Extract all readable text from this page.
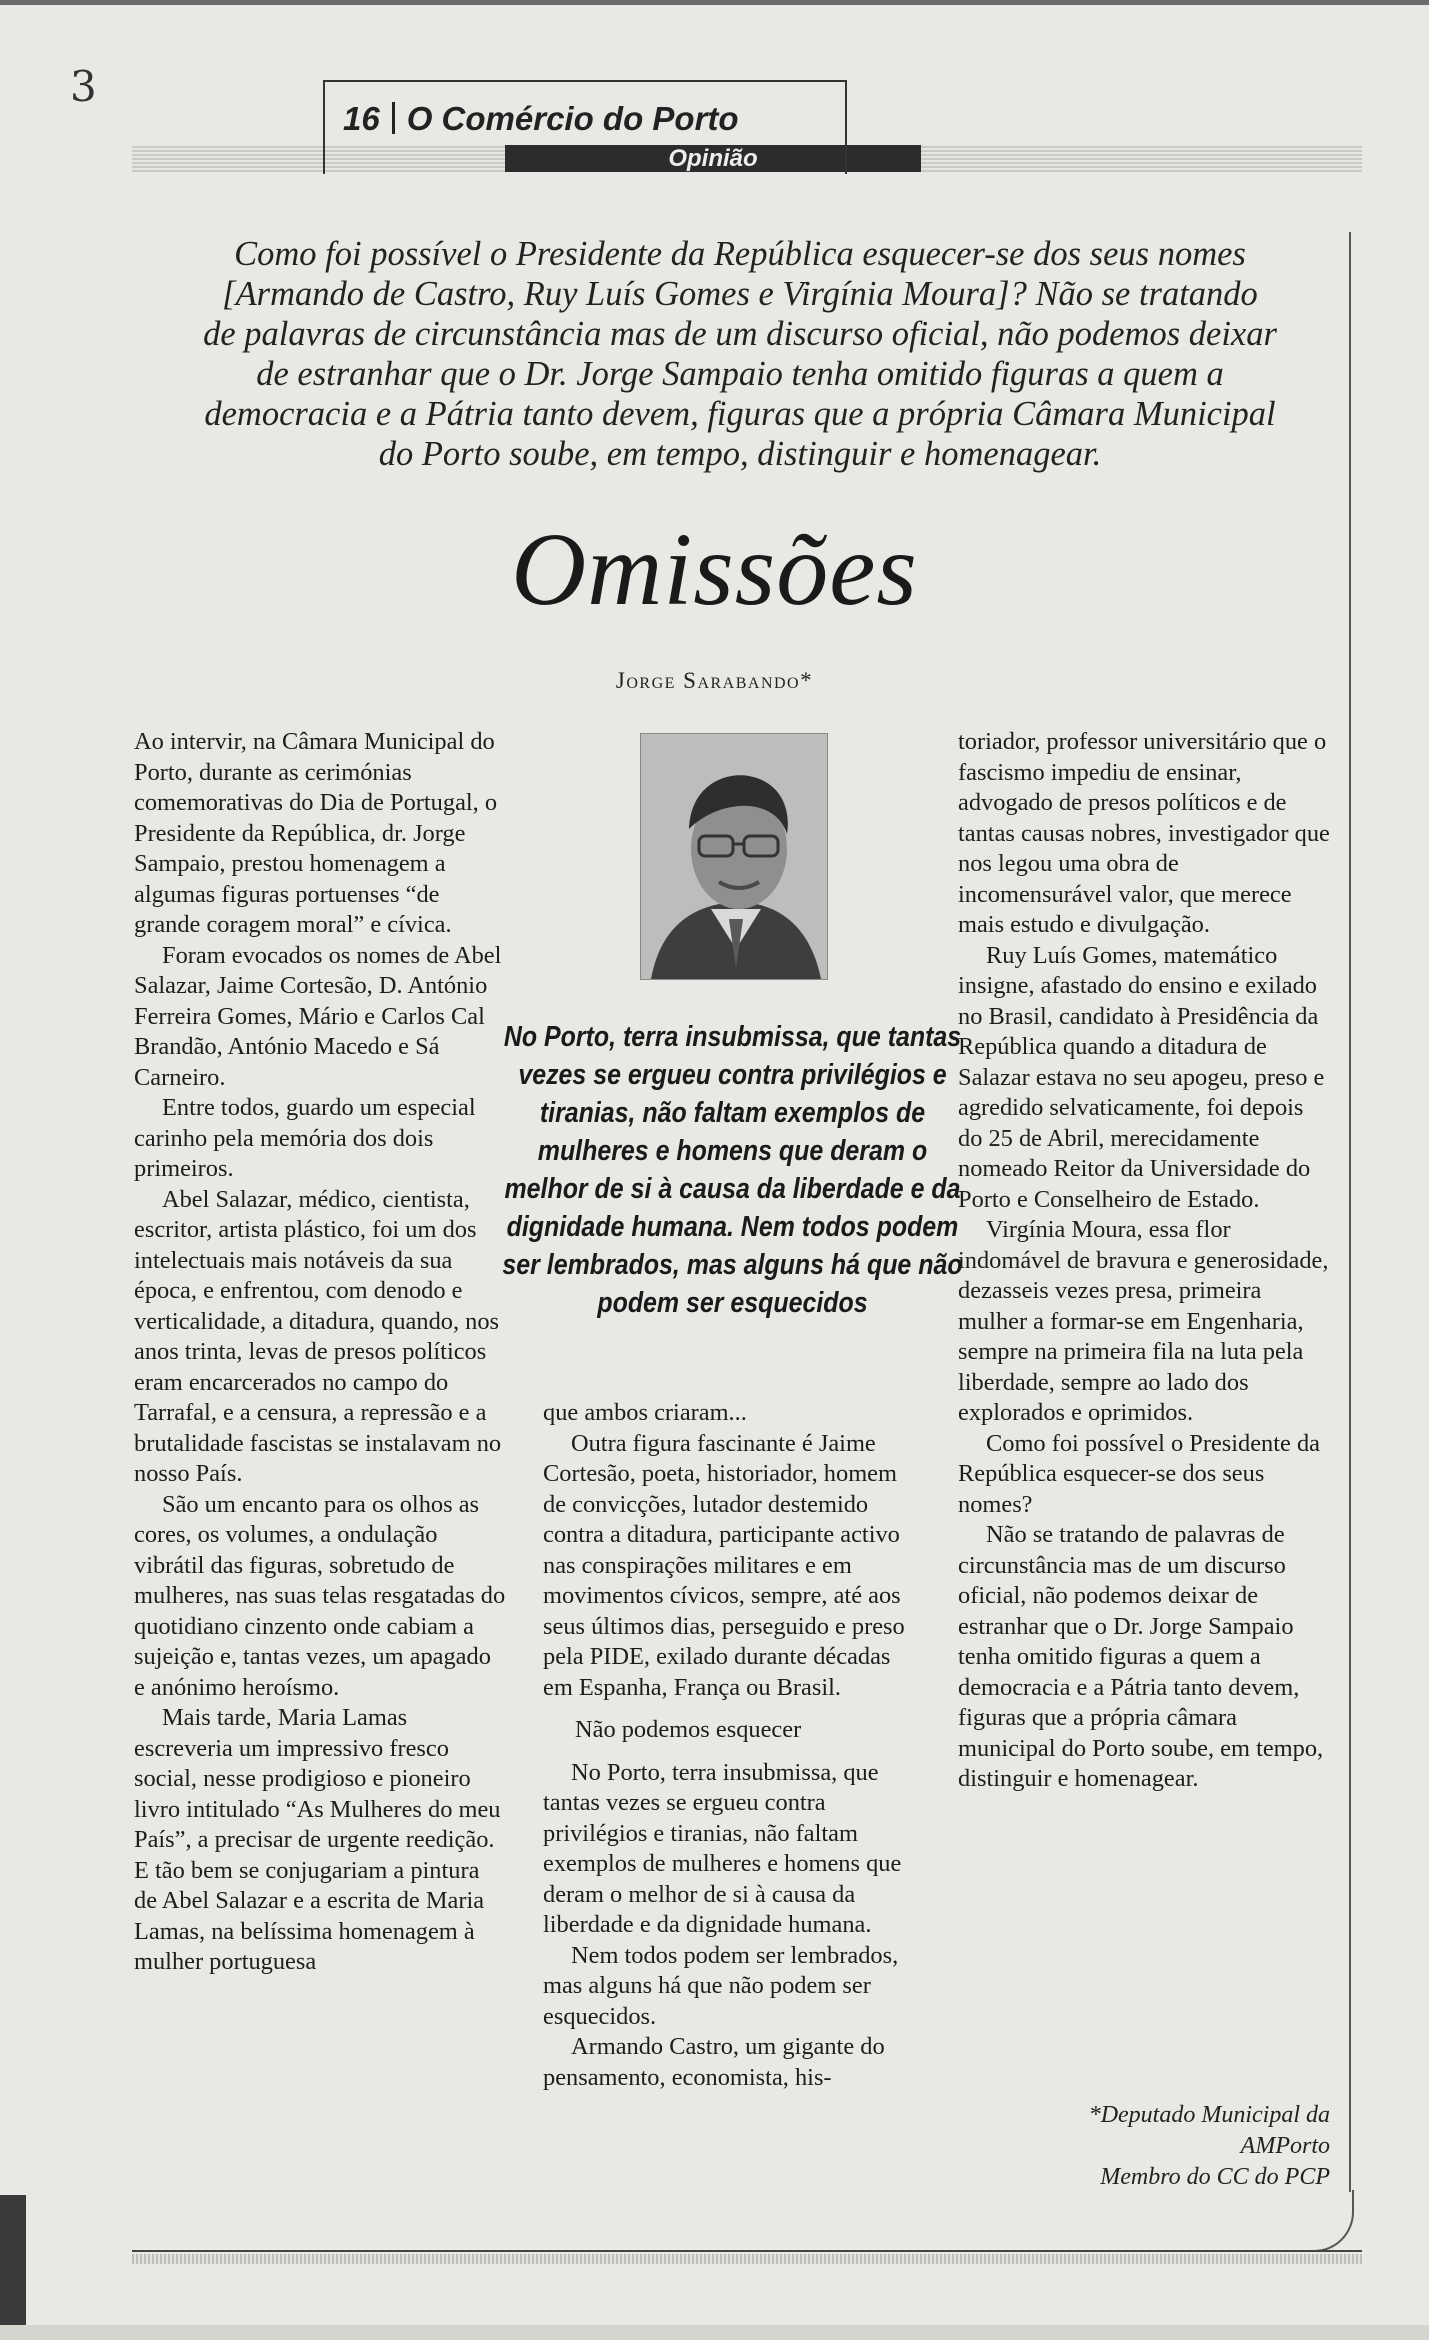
3
16 O Comércio do Porto
Opinião

Como foi possível o Presidente da República esquecer-se dos seus nomes

[Armando de Castro, Ruy Luís Gomes e Virgínia Moura]? Não se tratando

de palavras de circunstância mas de um discurso oficial, não podemos deixar

de estranhar que o Dr. Jorge Sampaio tenha omitido figuras a quem a

democracia e a Pátria tanto devem, figuras que a própria Câmara Municipal

do Porto soube, em tempo, distinguir e homenagear.

Omissões
Jorge Sarabando*

Ao intervir, na Câmara Municipal do Porto, durante as cerimónias comemorativas do Dia de Portugal, o Presidente da República, dr. Jorge Sampaio, prestou homenagem a algumas figuras portuenses “de grande coragem moral” e cívica.

Foram evocados os nomes de Abel Salazar, Jaime Cortesão, D. António Ferreira Gomes, Mário e Carlos Cal Brandão, António Macedo e Sá Carneiro.

Entre todos, guardo um especial carinho pela memória dos dois primeiros.

Abel Salazar, médico, cientista, escritor, artista plástico, foi um dos intelectuais mais notáveis da sua época, e enfrentou, com denodo e verticalidade, a ditadura, quando, nos anos trinta, levas de presos políticos eram encarcerados no campo do Tarrafal, e a censura, a repressão e a brutalidade fascistas se instalavam no nosso País.

São um encanto para os olhos as cores, os volumes, a ondulação vibrátil das figuras, sobretudo de mulheres, nas suas telas resgatadas do quotidiano cinzento onde cabiam a sujeição e, tantas vezes, um apagado e anónimo heroísmo.

Mais tarde, Maria Lamas escreveria um impressivo fresco social, nesse prodigioso e pioneiro livro intitulado “As Mulheres do meu País”, a precisar de urgente reedição. E tão bem se conjugariam a pintura de Abel Salazar e a escrita de Maria Lamas, na belíssima homenagem à mulher portuguesa

No Porto, terra insubmissa, que tantas vezes se ergueu contra privilégios e tiranias, não faltam exemplos de mulheres e homens que deram o melhor de si à causa da liberdade e da dignidade humana. Nem todos podem ser lembrados, mas alguns há que não podem ser esquecidos

que ambos criaram...

Outra figura fascinante é Jaime Cortesão, poeta, historiador, homem de convicções, lutador destemido contra a ditadura, participante activo nas conspirações militares e em movimentos cívicos, sempre, até aos seus últimos dias, perseguido e preso pela PIDE, exilado durante décadas em Espanha, França ou Brasil.

Não podemos esquecer

No Porto, terra insubmissa, que tantas vezes se ergueu contra privilégios e tiranias, não faltam exemplos de mulheres e homens que deram o melhor de si à causa da liberdade e da dignidade humana.

Nem todos podem ser lembrados, mas alguns há que não podem ser esquecidos.

Armando Castro, um gigante do pensamento, economista, his-

toriador, professor universitário que o fascismo impediu de ensinar, advogado de presos políticos e de tantas causas nobres, investigador que nos legou uma obra de incomensurável valor, que merece mais estudo e divulgação.

Ruy Luís Gomes, matemático insigne, afastado do ensino e exilado no Brasil, candidato à Presidência da República quando a ditadura de Salazar estava no seu apogeu, preso e agredido selvaticamente, foi depois do 25 de Abril, merecidamente nomeado Reitor da Universidade do Porto e Conselheiro de Estado.

Virgínia Moura, essa flor indomável de bravura e generosidade, dezasseis vezes presa, primeira mulher a formar-se em Engenharia, sempre na primeira fila na luta pela liberdade, sempre ao lado dos explorados e oprimidos.

Como foi possível o Presidente da República esquecer-se dos seus nomes?

Não se tratando de palavras de circunstância mas de um discurso oficial, não podemos deixar de estranhar que o Dr. Jorge Sampaio tenha omitido figuras a quem a democracia e a Pátria tanto devem, figuras que a própria câmara municipal do Porto soube, em tempo, distinguir e homenagear.

*Deputado Municipal da
AMPorto
Membro do CC do PCP
